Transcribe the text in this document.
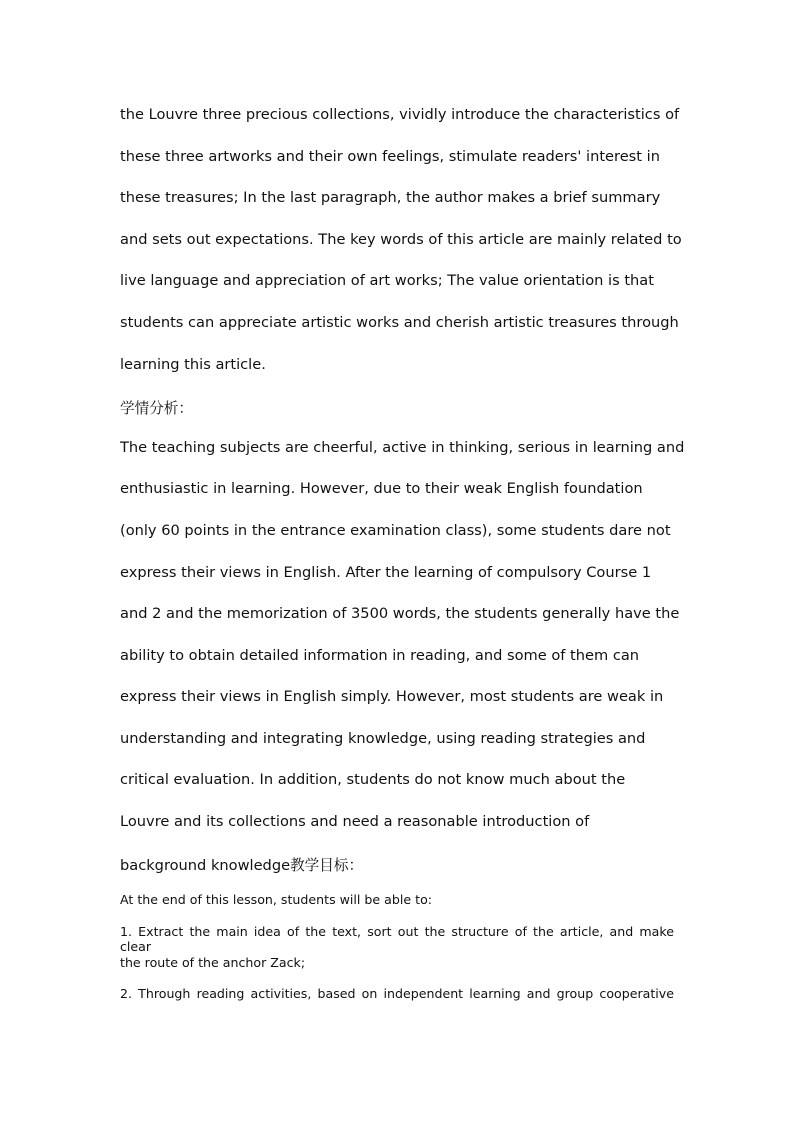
the Louvre three precious collections, vividly introduce the characteristics of
these three artworks and their own feelings, stimulate readers' interest in
these treasures; In the last paragraph, the author makes a brief summary
and sets out expectations. The key words of this article are mainly related to
live language and appreciation of art works; The value orientation is that
students can appreciate artistic works and cherish artistic treasures through
learning this article.
学情分析：
The teaching subjects are cheerful, active in thinking, serious in learning and
enthusiastic in learning. However, due to their weak English foundation
(only 60 points in the entrance examination class), some students dare not
express their views in English. After the learning of compulsory Course 1
and 2 and the memorization of 3500 words, the students generally have the
ability to obtain detailed information in reading, and some of them can
express their views in English simply. However, most students are weak in
understanding and integrating knowledge, using reading strategies and
critical evaluation. In addition, students do not know much about the
Louvre and its collections and need a reasonable introduction of
background knowledge教学目标：
At the end of this lesson, students will be able to:
1. Extract the main idea of the text, sort out the structure of the article, and make clear
the route of the anchor Zack;
2. Through reading activities, based on independent learning and group cooperative
